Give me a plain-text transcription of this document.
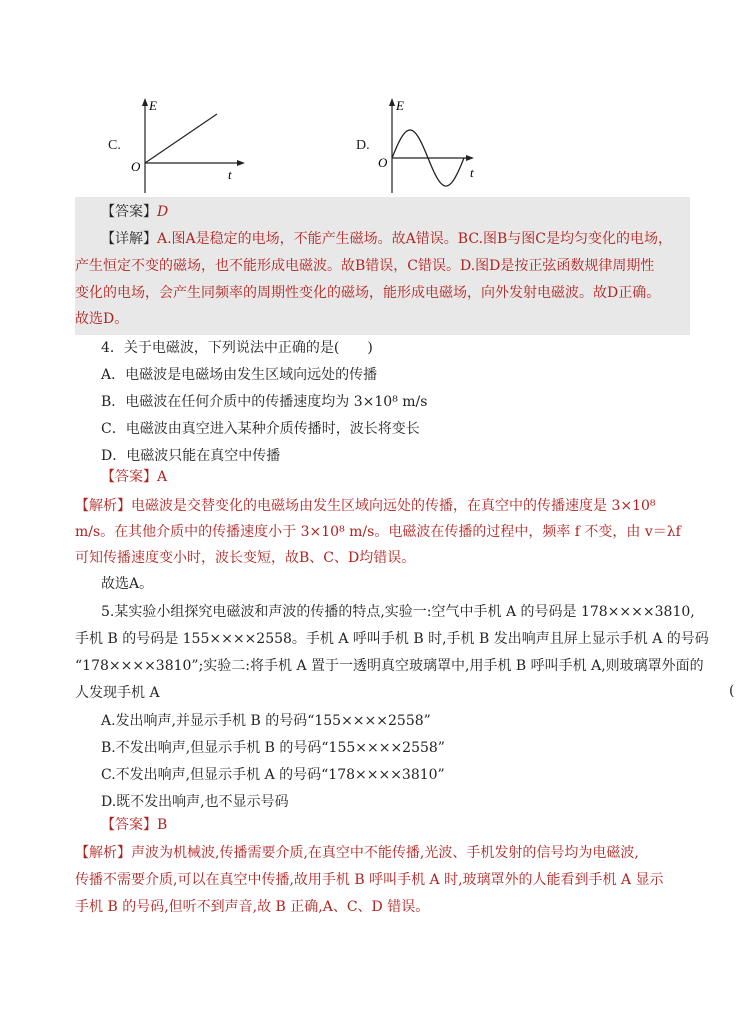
C.
E
O
t
D.
E
O
t
【答案】D
【详解】A.图A是稳定的电场，不能产生磁场。故A错误。BC.图B与图C是均匀变化的电场，
产生恒定不变的磁场，也不能形成电磁波。故B错误，C错误。D.图D是按正弦函数规律周期性
变化的电场，会产生同频率的周期性变化的磁场，能形成电磁场，向外发射电磁波。故D正确。
故选D。
4．关于电磁波，下列说法中正确的是(　　)
A．电磁波是电磁场由发生区域向远处的传播
B．电磁波在任何介质中的传播速度均为 3×10⁸ m/s
C．电磁波由真空进入某种介质传播时，波长将变长
D．电磁波只能在真空中传播
【答案】A
【解析】电磁波是交替变化的电磁场由发生区域向远处的传播，在真空中的传播速度是 3×10⁸
m/s。在其他介质中的传播速度小于 3×10⁸ m/s。电磁波在传播的过程中，频率 f 不变，由 v＝λf
可知传播速度变小时，波长变短，故B、C、D均错误。
故选A。
5.某实验小组探究电磁波和声波的传播的特点,实验一:空气中手机 A 的号码是 178××××3810,
手机 B 的号码是 155××××2558。手机 A 呼叫手机 B 时,手机 B 发出响声且屏上显示手机 A 的号码
“178××××3810”;实验二:将手机 A 置于一透明真空玻璃罩中,用手机 B 呼叫手机 A,则玻璃罩外面的
人发现手机 A	(
A.发出响声,并显示手机 B 的号码“155××××2558”
B.不发出响声,但显示手机 B 的号码“155××××2558”
C.不发出响声,但显示手机 A 的号码“178××××3810”
D.既不发出响声,也不显示号码
【答案】B
【解析】声波为机械波,传播需要介质,在真空中不能传播,光波、手机发射的信号均为电磁波,
传播不需要介质,可以在真空中传播,故用手机 B 呼叫手机 A 时,玻璃罩外的人能看到手机 A 显示
手机 B 的号码,但听不到声音,故 B 正确,A、C、D 错误。
